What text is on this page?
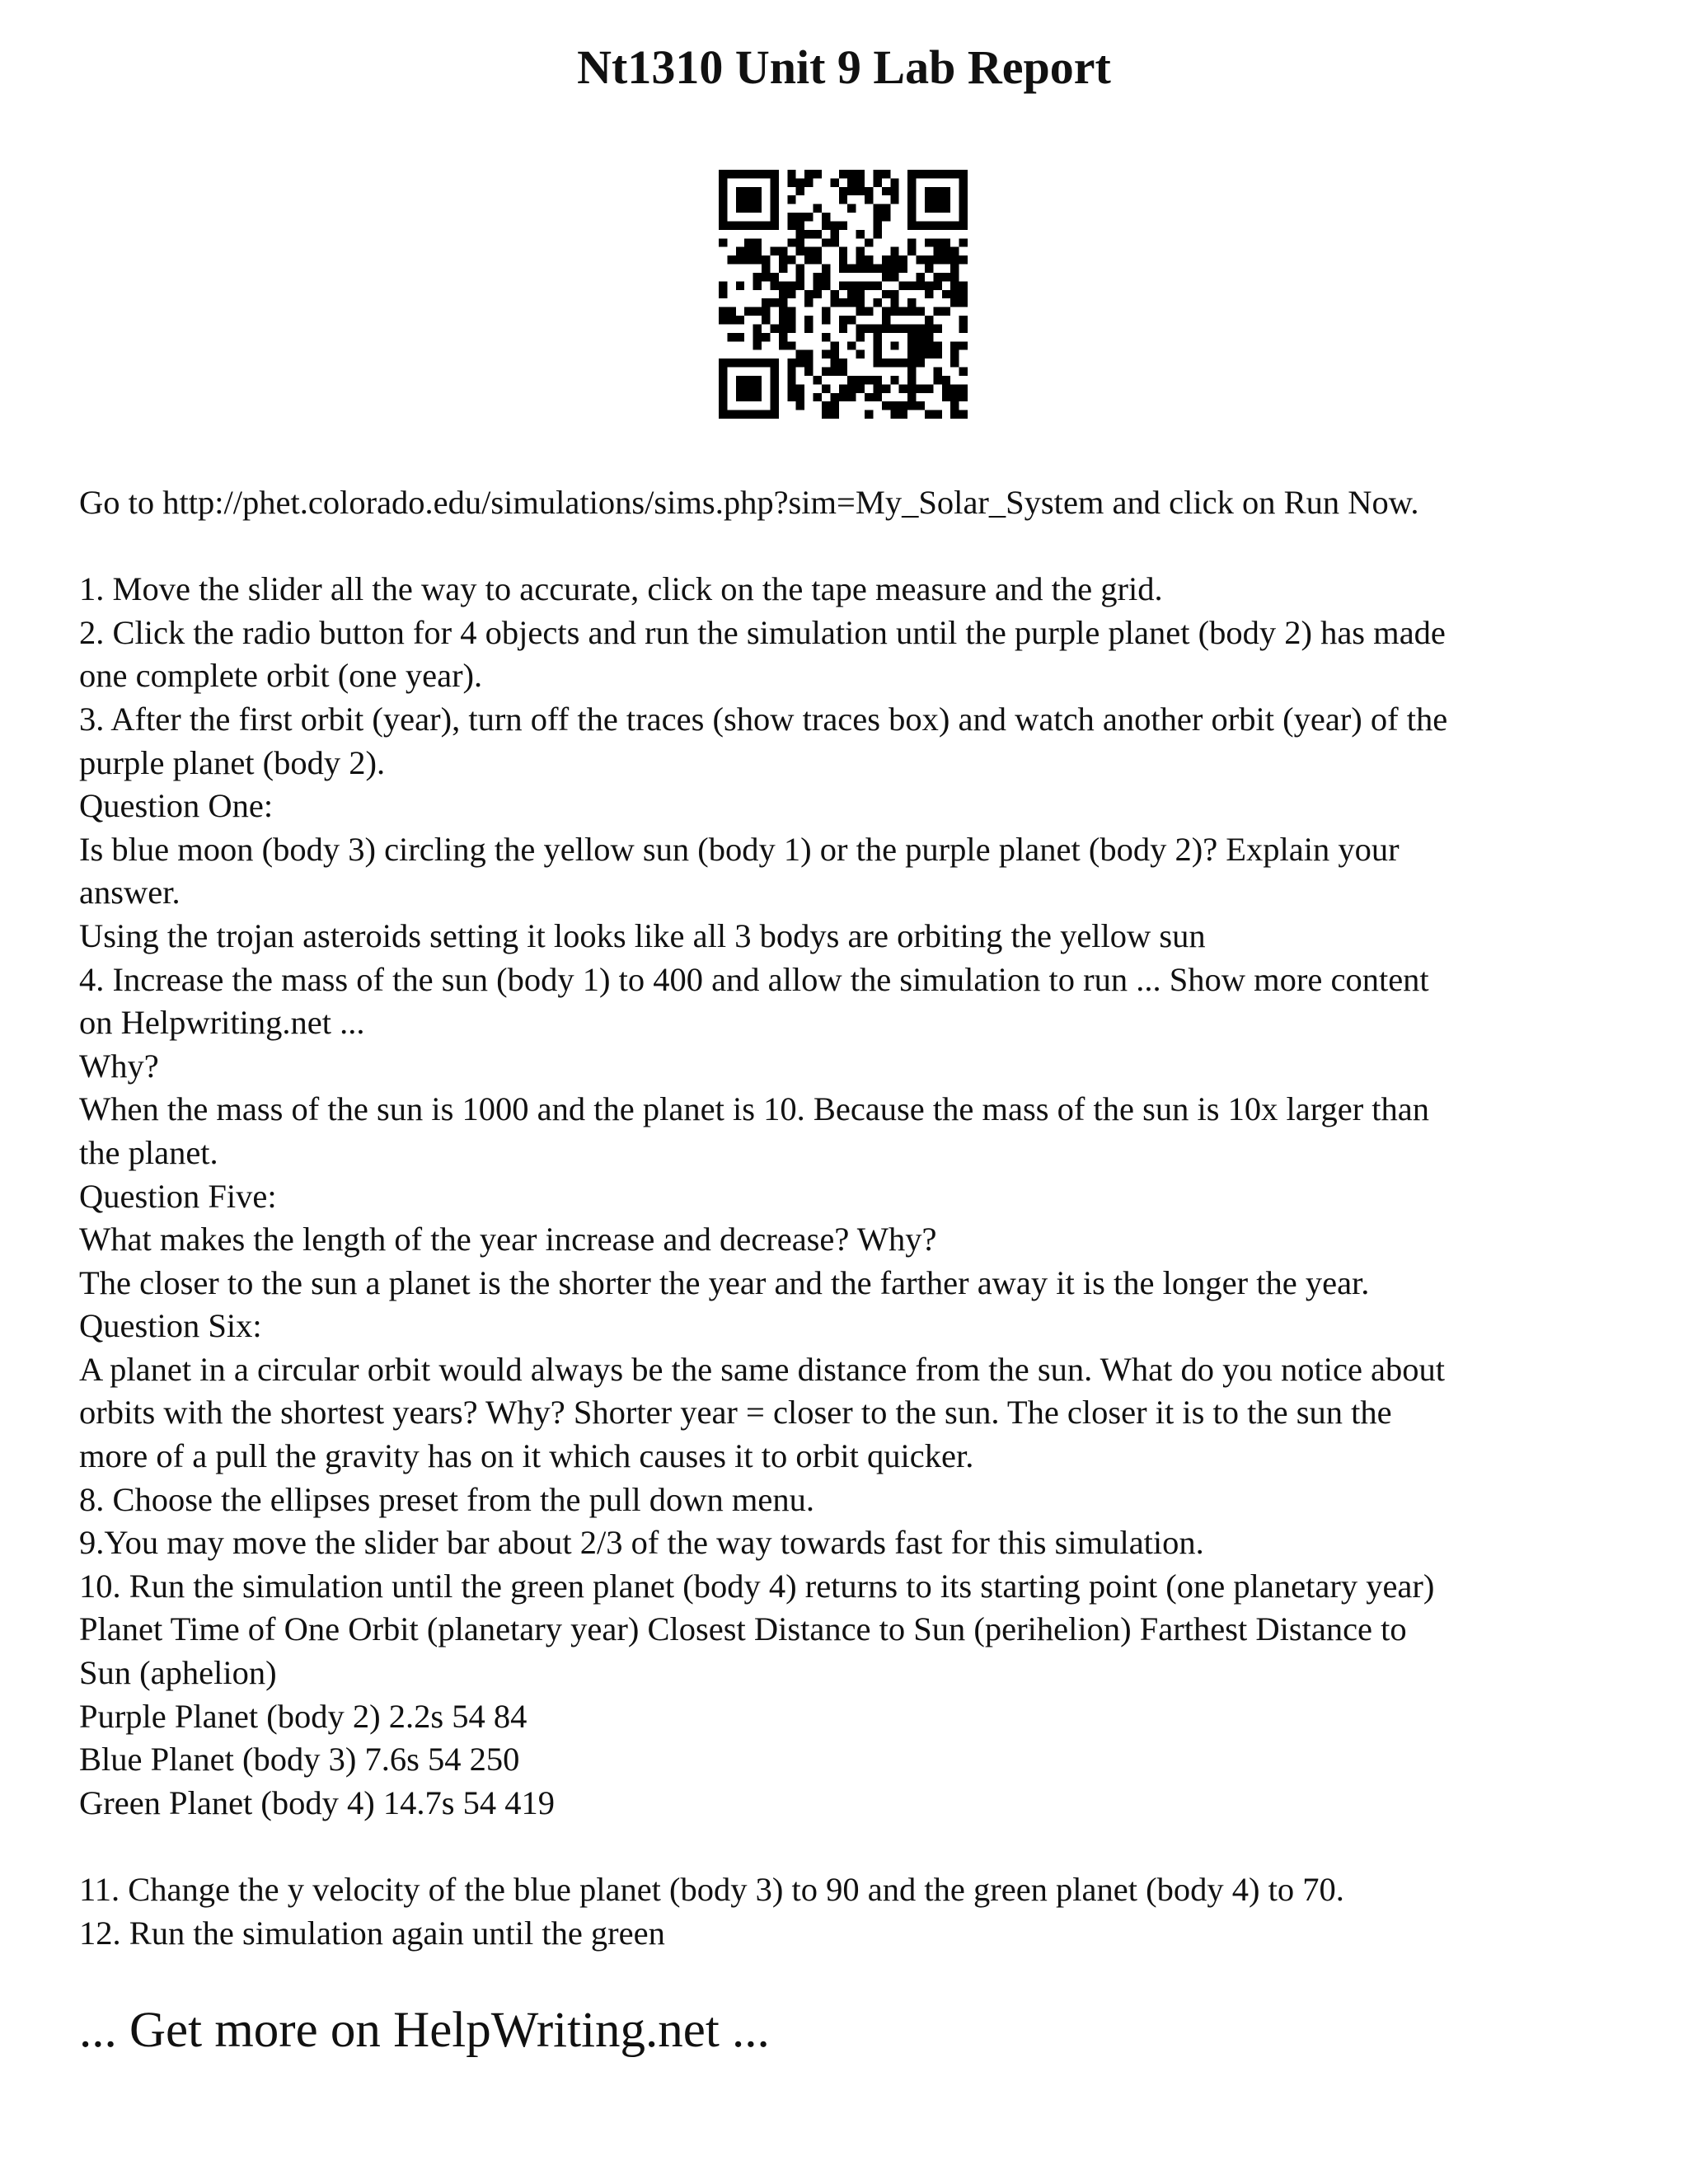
Nt1310 Unit 9 Lab Report
Go to http://phet.colorado.edu/simulations/sims.php?sim=My_Solar_System and click on Run Now.
1. Move the slider all the way to accurate, click on the tape measure and the grid.
2. Click the radio button for 4 objects and run the simulation until the purple planet (body 2) has made
one complete orbit (one year).
3. After the first orbit (year), turn off the traces (show traces box) and watch another orbit (year) of the
purple planet (body 2).
Question One:
Is blue moon (body 3) circling the yellow sun (body 1) or the purple planet (body 2)? Explain your
answer.
Using the trojan asteroids setting it looks like all 3 bodys are orbiting the yellow sun
4. Increase the mass of the sun (body 1) to 400 and allow the simulation to run ... Show more content
on Helpwriting.net ...
Why?
When the mass of the sun is 1000 and the planet is 10. Because the mass of the sun is 10x larger than
the planet.
Question Five:
What makes the length of the year increase and decrease? Why?
The closer to the sun a planet is the shorter the year and the farther away it is the longer the year.
Question Six:
A planet in a circular orbit would always be the same distance from the sun. What do you notice about
orbits with the shortest years? Why? Shorter year = closer to the sun. The closer it is to the sun the
more of a pull the gravity has on it which causes it to orbit quicker.
8. Choose the ellipses preset from the pull down menu.
9.You may move the slider bar about 2/3 of the way towards fast for this simulation.
10. Run the simulation until the green planet (body 4) returns to its starting point (one planetary year)
Planet Time of One Orbit (planetary year) Closest Distance to Sun (perihelion) Farthest Distance to
Sun (aphelion)
Purple Planet (body 2) 2.2s 54 84
Blue Planet (body 3) 7.6s 54 250
Green Planet (body 4) 14.7s 54 419
11. Change the y velocity of the blue planet (body 3) to 90 and the green planet (body 4) to 70.
12. Run the simulation again until the green

... Get more on HelpWriting.net ...
